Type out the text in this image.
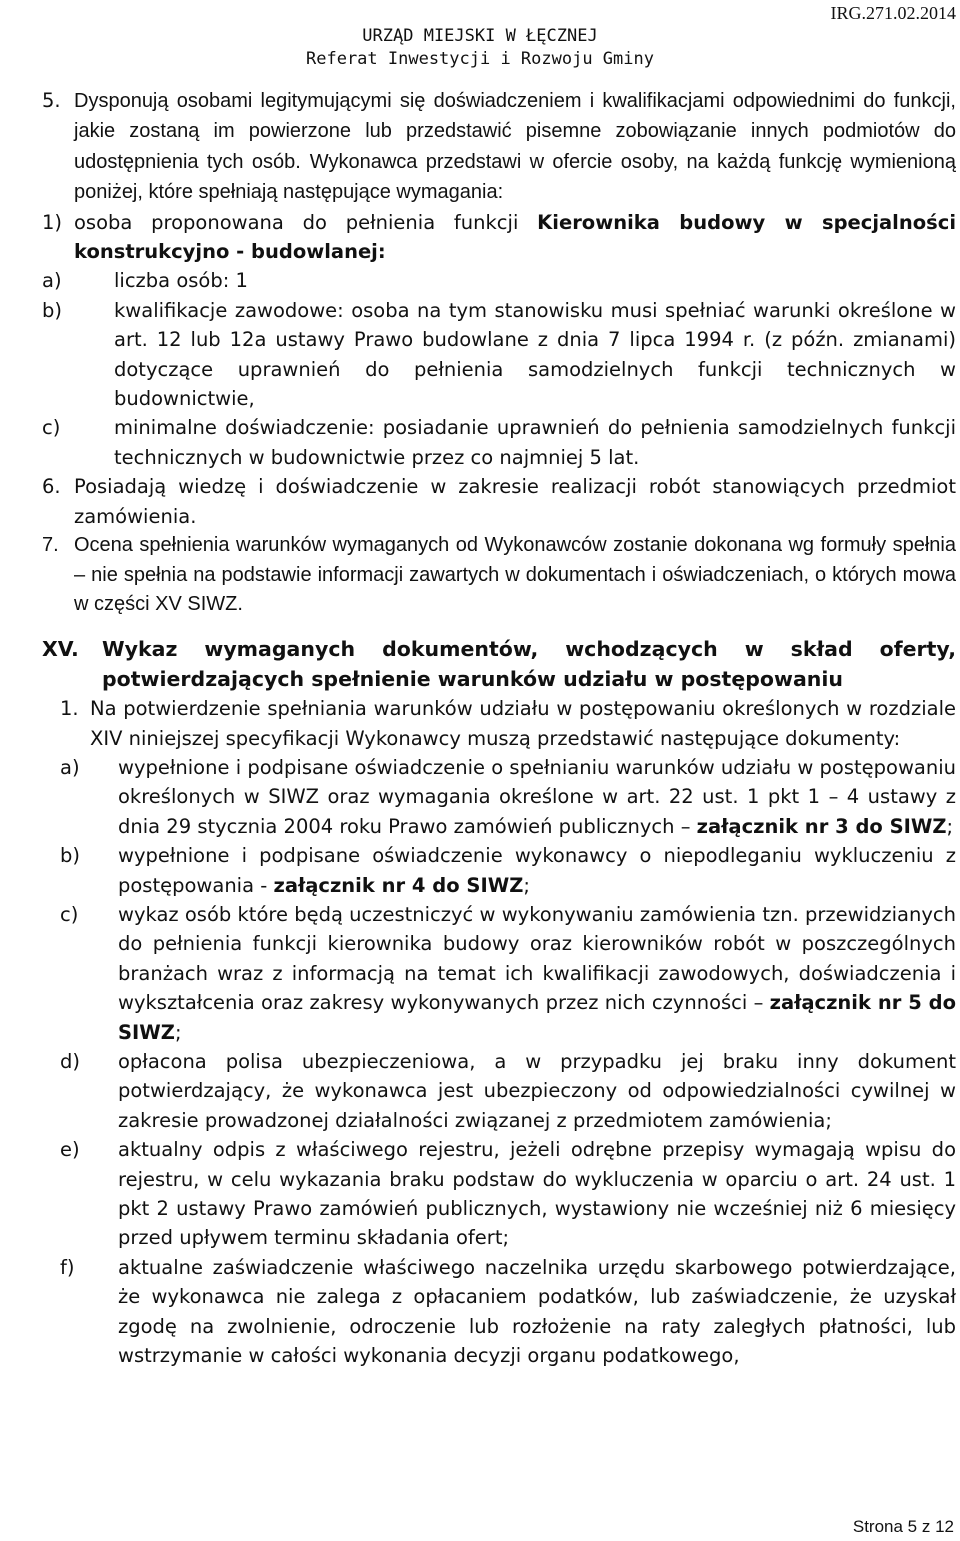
IRG.271.02.2014
URZĄD MIEJSKI W ŁĘCZNEJ
Referat Inwestycji i Rozwoju Gminy
5. Dysponują osobami legitymującymi się doświadczeniem i kwalifikacjami odpowiednimi do funkcji, jakie zostaną im powierzone lub przedstawić pisemne zobowiązanie innych podmiotów do udostępnienia tych osób. Wykonawca przedstawi w ofercie osoby, na każdą funkcję wymienioną poniżej, które spełniają następujące wymagania:
1) osoba proponowana do pełnienia funkcji Kierownika budowy w specjalności konstrukcyjno - budowlanej:
a)	liczba osób: 1
b)	kwalifikacje zawodowe: osoba na tym stanowisku musi spełniać warunki określone w art. 12 lub 12a ustawy Prawo budowlane z dnia 7 lipca 1994 r. (z późn. zmianami) dotyczące uprawnień do pełnienia samodzielnych funkcji technicznych w budownictwie,
c)	minimalne doświadczenie: posiadanie uprawnień do pełnienia samodzielnych funkcji technicznych w budownictwie przez co najmniej 5 lat.
6. Posiadają wiedzę i doświadczenie w zakresie realizacji robót stanowiących przedmiot zamówienia.
7. Ocena spełnienia warunków wymaganych od Wykonawców zostanie dokonana wg formuły spełnia – nie spełnia na podstawie informacji zawartych w dokumentach i oświadczeniach, o których mowa w części XV SIWZ.
XV.	Wykaz wymaganych dokumentów, wchodzących w skład oferty, potwierdzających spełnienie warunków udziału w postępowaniu
1. Na potwierdzenie spełniania warunków udziału w postępowaniu określonych w rozdziale XIV niniejszej specyfikacji Wykonawcy muszą przedstawić następujące dokumenty:
a)	wypełnione i podpisane oświadczenie o spełnianiu warunków udziału w postępowaniu określonych w SIWZ oraz wymagania określone w art. 22 ust. 1 pkt 1 – 4 ustawy z dnia 29 stycznia 2004 roku Prawo zamówień publicznych – załącznik nr 3 do SIWZ;
b)	wypełnione i podpisane oświadczenie wykonawcy o niepodleganiu wykluczeniu z postępowania - załącznik nr 4 do SIWZ;
c)	wykaz osób które będą uczestniczyć w wykonywaniu zamówienia tzn. przewidzianych do pełnienia funkcji kierownika budowy oraz kierowników robót w poszczególnych branżach wraz z informacją na temat ich kwalifikacji zawodowych, doświadczenia i wykształcenia oraz zakresy wykonywanych przez nich czynności – załącznik nr 5 do SIWZ;
d)	opłacona polisa ubezpieczeniowa, a w przypadku jej braku inny dokument potwierdzający, że wykonawca jest ubezpieczony od odpowiedzialności cywilnej w zakresie prowadzonej działalności związanej z przedmiotem zamówienia;
e)	aktualny odpis z właściwego rejestru, jeżeli odrębne przepisy wymagają wpisu do rejestru, w celu wykazania braku podstaw do wykluczenia w oparciu o art. 24 ust. 1 pkt 2 ustawy Prawo zamówień publicznych, wystawiony nie wcześniej niż 6 miesięcy przed upływem terminu składania ofert;
f)	aktualne zaświadczenie właściwego naczelnika urzędu skarbowego potwierdzające, że wykonawca nie zalega z opłacaniem podatków, lub zaświadczenie, że uzyskał zgodę na zwolnienie, odroczenie lub rozłożenie na raty zaległych płatności, lub wstrzymanie w całości wykonania decyzji organu podatkowego,
Strona 5 z 12
